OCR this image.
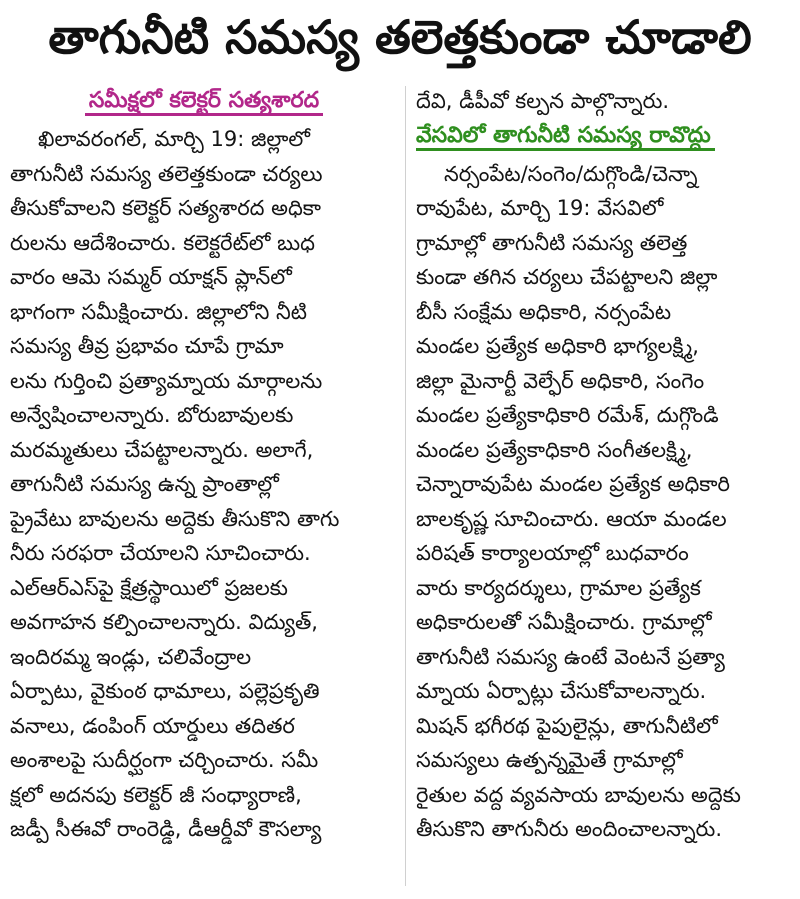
తాగునీటి సమస్య తలెత్తకుండా చూడాలి
సమీక్షలో కలెక్టర్ సత్యశారద
ఖిలావరంగల్, మార్చి 19: జిల్లాలో
తాగునీటి సమస్య తలెత్తకుండా చర్యలు
తీసుకోవాలని కలెక్టర్ సత్యశారద అధికా
రులను ఆదేశించారు. కలెక్టరేట్‌లో బుధ
వారం ఆమె సమ్మర్ యాక్షన్ ప్లాన్‌లో
భాగంగా సమీక్షించారు. జిల్లాలోని నీటి
సమస్య తీవ్ర ప్రభావం చూపే గ్రామా
లను గుర్తించి ప్రత్యామ్నాయ మార్గాలను
అన్వేషించాలన్నారు. బోరుబావులకు
మరమ్మతులు చేపట్టాలన్నారు. అలాగే,
తాగునీటి సమస్య ఉన్న ప్రాంతాల్లో
ప్రైవేటు బావులను అద్దెకు తీసుకొని తాగు
నీరు సరఫరా చేయాలని సూచించారు.
ఎల్ఆర్ఎస్‌పై క్షేత్రస్థాయిలో ప్రజలకు
అవగాహన కల్పించాలన్నారు. విద్యుత్,
ఇందిరమ్మ ఇండ్లు, చలివేంద్రాల
ఏర్పాటు, వైకుంఠ ధామాలు, పల్లెప్రకృతి
వనాలు, డంపింగ్ యార్డులు తదితర
అంశాలపై సుదీర్ఘంగా చర్చించారు. సమీ
క్షలో అదనపు కలెక్టర్ జీ సంధ్యారాణి,
జడ్పీ సీఈవో రాంరెడ్డి, డీఆర్డీవో కౌసల్యా
దేవి, డీపీవో కల్పన పాల్గొన్నారు.
వేసవిలో తాగునీటి సమస్య రావొద్దు
నర్సంపేట/సంగెం/దుగ్గొండి/చెన్నా
రావుపేట, మార్చి 19: వేసవిలో
గ్రామాల్లో తాగునీటి సమస్య తలెత్త
కుండా తగిన చర్యలు చేపట్టాలని జిల్లా
బీసీ సంక్షేమ అధికారి, నర్సంపేట
మండల ప్రత్యేక అధికారి భాగ్యలక్ష్మి,
జిల్లా మైనార్టీ వెల్ఫేర్ అధికారి, సంగెం
మండల ప్రత్యేకాధికారి రమేశ్, దుగ్గొండి
మండల ప్రత్యేకాధికారి సంగీతలక్ష్మి,
చెన్నారావుపేట మండల ప్రత్యేక అధికారి
బాలకృష్ణ సూచించారు. ఆయా మండల
పరిషత్ కార్యాలయాల్లో బుధవారం
వారు కార్యదర్శులు, గ్రామాల ప్రత్యేక
అధికారులతో సమీక్షించారు. గ్రామాల్లో
తాగునీటి సమస్య ఉంటే వెంటనే ప్రత్యా
మ్నాయ ఏర్పాట్లు చేసుకోవాలన్నారు.
మిషన్ భగీరథ పైపులైన్లు, తాగునీటిలో
సమస్యలు ఉత్పన్నమైతే గ్రామాల్లో
రైతుల వద్ద వ్యవసాయ బావులను అద్దెకు
తీసుకొని తాగునీరు అందించాలన్నారు.
